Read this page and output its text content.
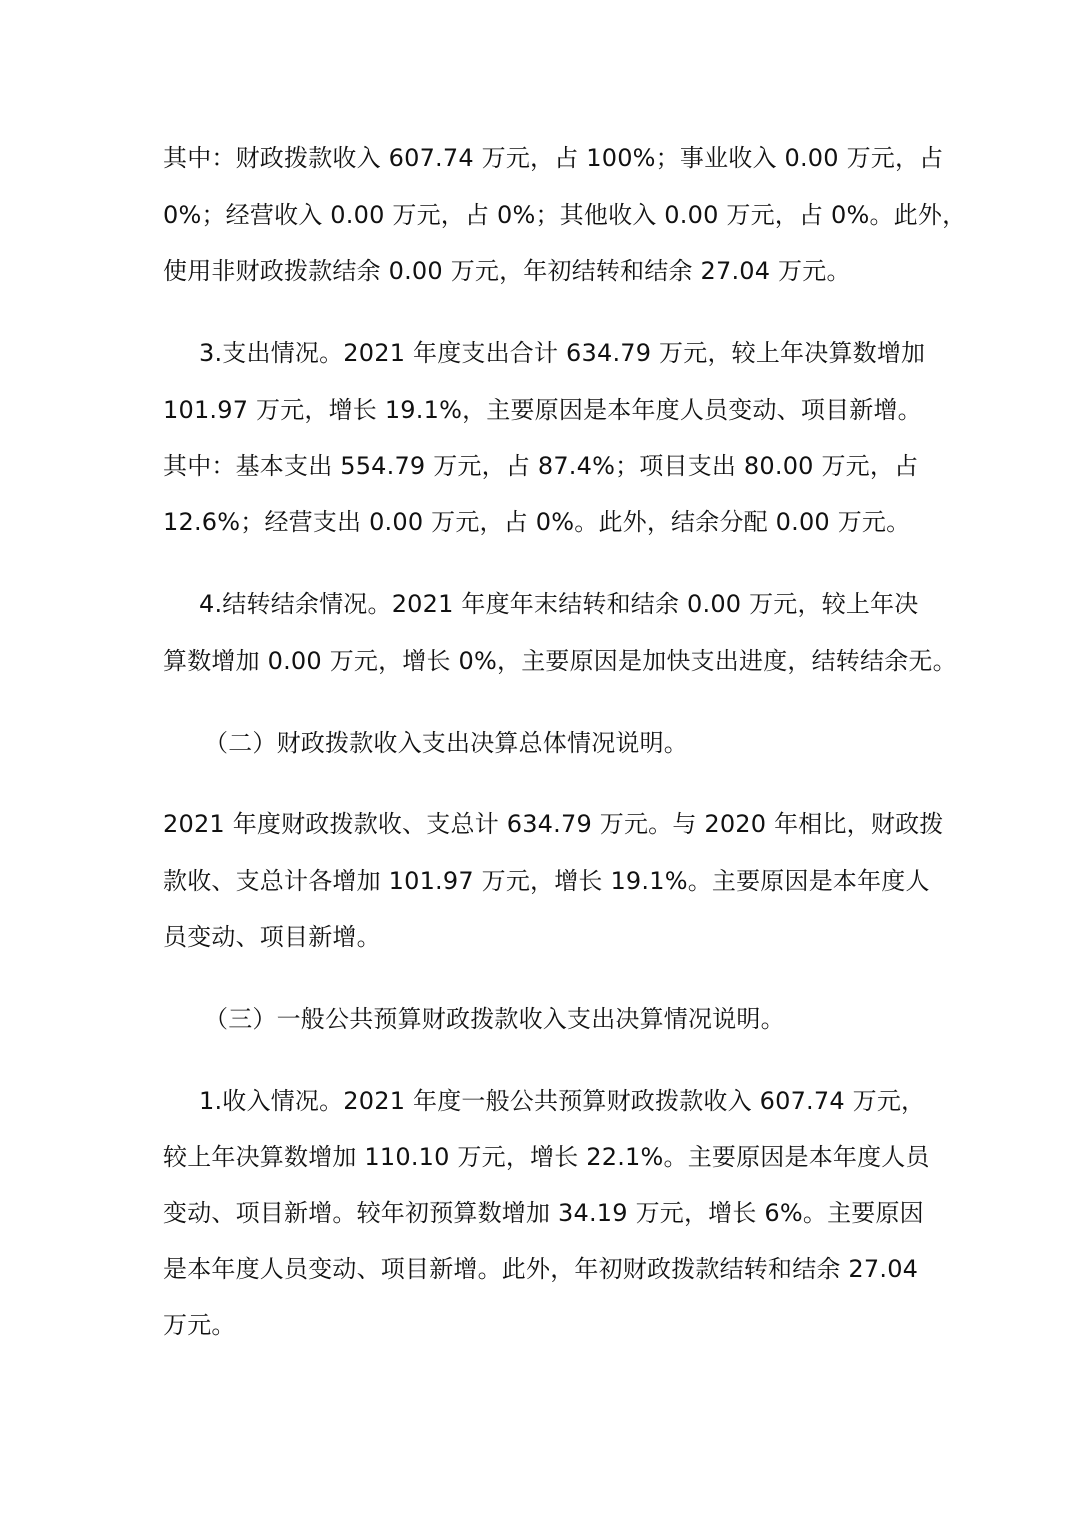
其中：财政拨款收入 607.74 万元，占 100%；事业收入 0.00 万元，占
0%；经营收入 0.00 万元，占 0%；其他收入 0.00 万元，占 0%。此外，
使用非财政拨款结余 0.00 万元，年初结转和结余 27.04 万元。
3.支出情况。2021 年度支出合计 634.79 万元，较上年决算数增加
101.97 万元，增长 19.1%，主要原因是本年度人员变动、项目新增。
其中：基本支出 554.79 万元，占 87.4%；项目支出 80.00 万元，占
12.6%；经营支出 0.00 万元，占 0%。此外，结余分配 0.00 万元。
4.结转结余情况。2021 年度年末结转和结余 0.00 万元，较上年决
算数增加 0.00 万元，增长 0%，主要原因是加快支出进度，结转结余无。
（二）财政拨款收入支出决算总体情况说明。
2021 年度财政拨款收、支总计 634.79 万元。与 2020 年相比，财政拨
款收、支总计各增加 101.97 万元，增长 19.1%。主要原因是本年度人
员变动、项目新增。
（三）一般公共预算财政拨款收入支出决算情况说明。
1.收入情况。2021 年度一般公共预算财政拨款收入 607.74 万元，
较上年决算数增加 110.10 万元，增长 22.1%。主要原因是本年度人员
变动、项目新增。较年初预算数增加 34.19 万元，增长 6%。主要原因
是本年度人员变动、项目新增。此外，年初财政拨款结转和结余 27.04
万元。
